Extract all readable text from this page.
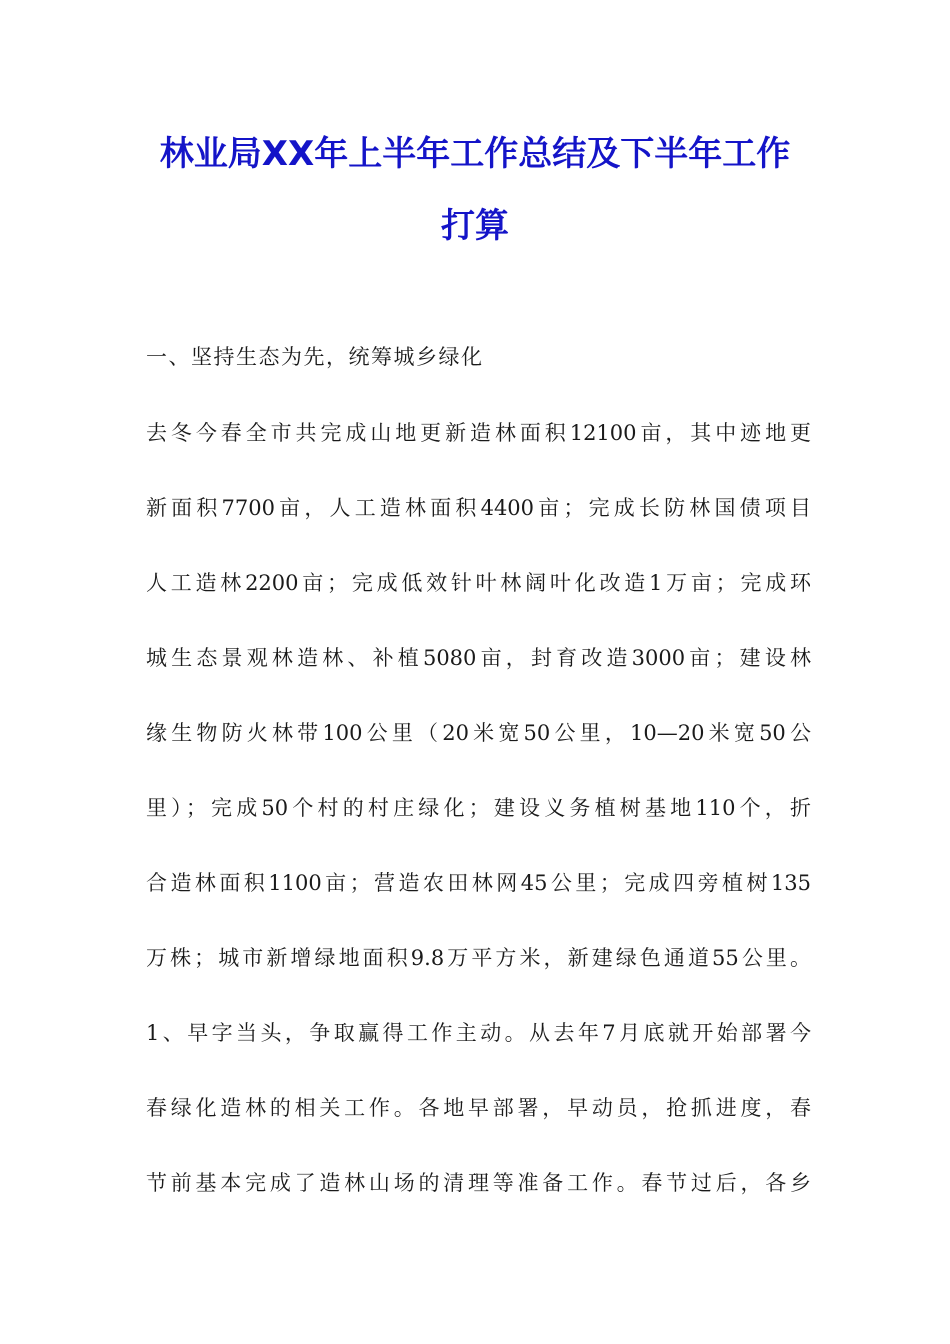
林业局XX年上半年工作总结及下半年工作
打算
一、坚持生态为先，统筹城乡绿化
去冬今春全市共完成山地更新造林面积12100亩，其中迹地更
新面积7700亩，人工造林面积4400亩；完成长防林国债项目
人工造林2200亩；完成低效针叶林阔叶化改造1万亩；完成环
城生态景观林造林、补植5080亩，封育改造3000亩；建设林
缘生物防火林带100公里（20米宽50公里，10—20米宽50公
里）；完成50个村的村庄绿化；建设义务植树基地110个，折
合造林面积1100亩；营造农田林网45公里；完成四旁植树135
万株；城市新增绿地面积9.8万平方米，新建绿色通道55公里。
1、早字当头，争取赢得工作主动。从去年7月底就开始部署今
春绿化造林的相关工作。各地早部署，早动员，抢抓进度，春
节前基本完成了造林山场的清理等准备工作。春节过后，各乡
